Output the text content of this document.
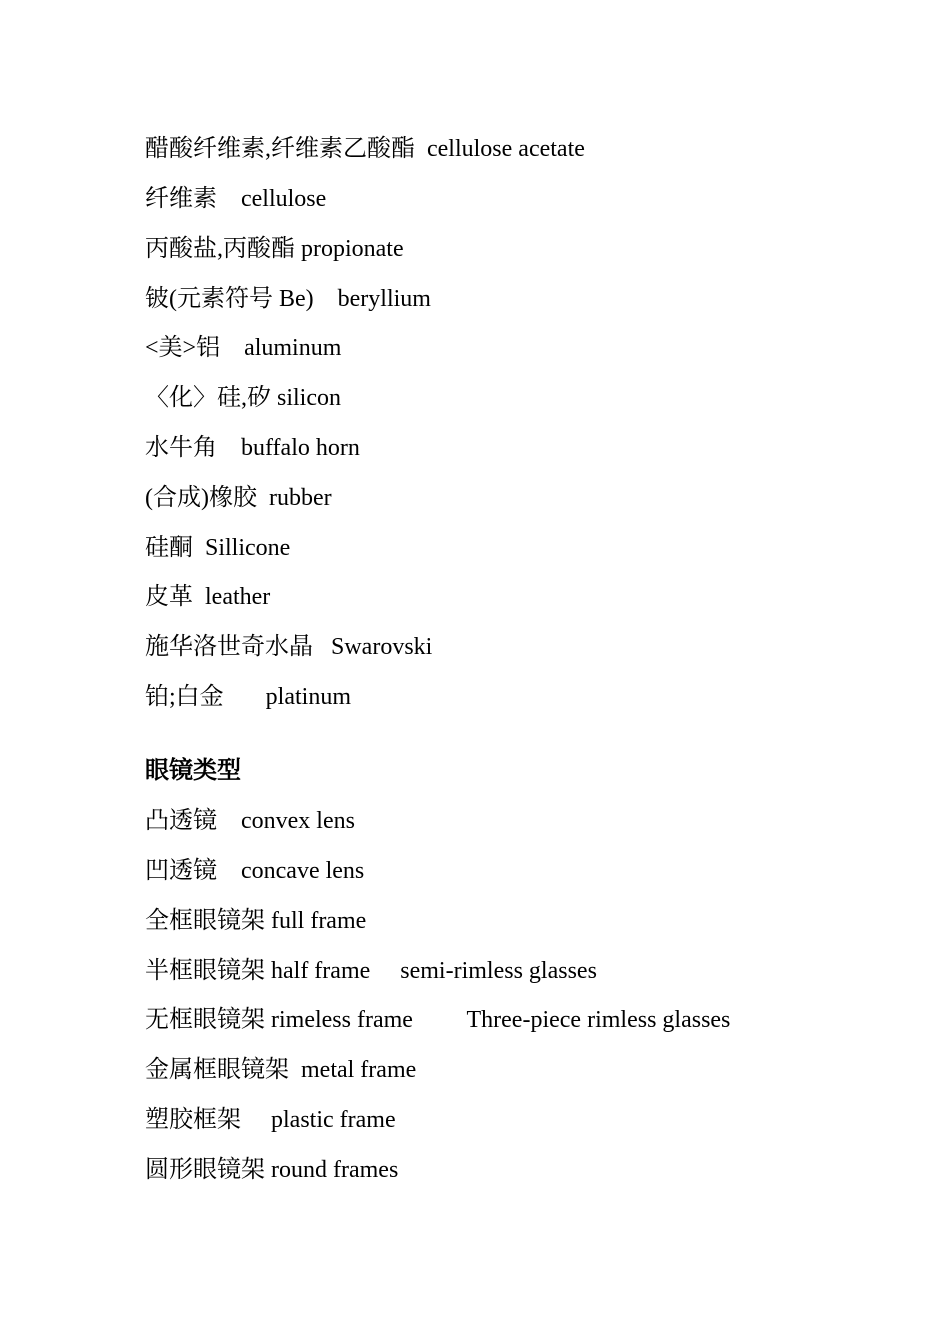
醋酸纤维素,纤维素乙酸酯  cellulose acetate
纤维素    cellulose
丙酸盐,丙酸酯 propionate
铍(元素符号 Be)    beryllium
<美>铝    aluminum
〈化〉硅,矽 silicon
水牛角    buffalo horn
(合成)橡胶  rubber
硅酮  Sillicone
皮革  leather
施华洛世奇水晶   Swarovski
铂;白金       platinum
眼镜类型
凸透镜    convex lens
凹透镜    concave lens
全框眼镜架 full frame
半框眼镜架 half frame     semi-rimless glasses
无框眼镜架 rimeless frame         Three-piece rimless glasses
金属框眼镜架  metal frame
塑胶框架     plastic frame
圆形眼镜架 round frames
